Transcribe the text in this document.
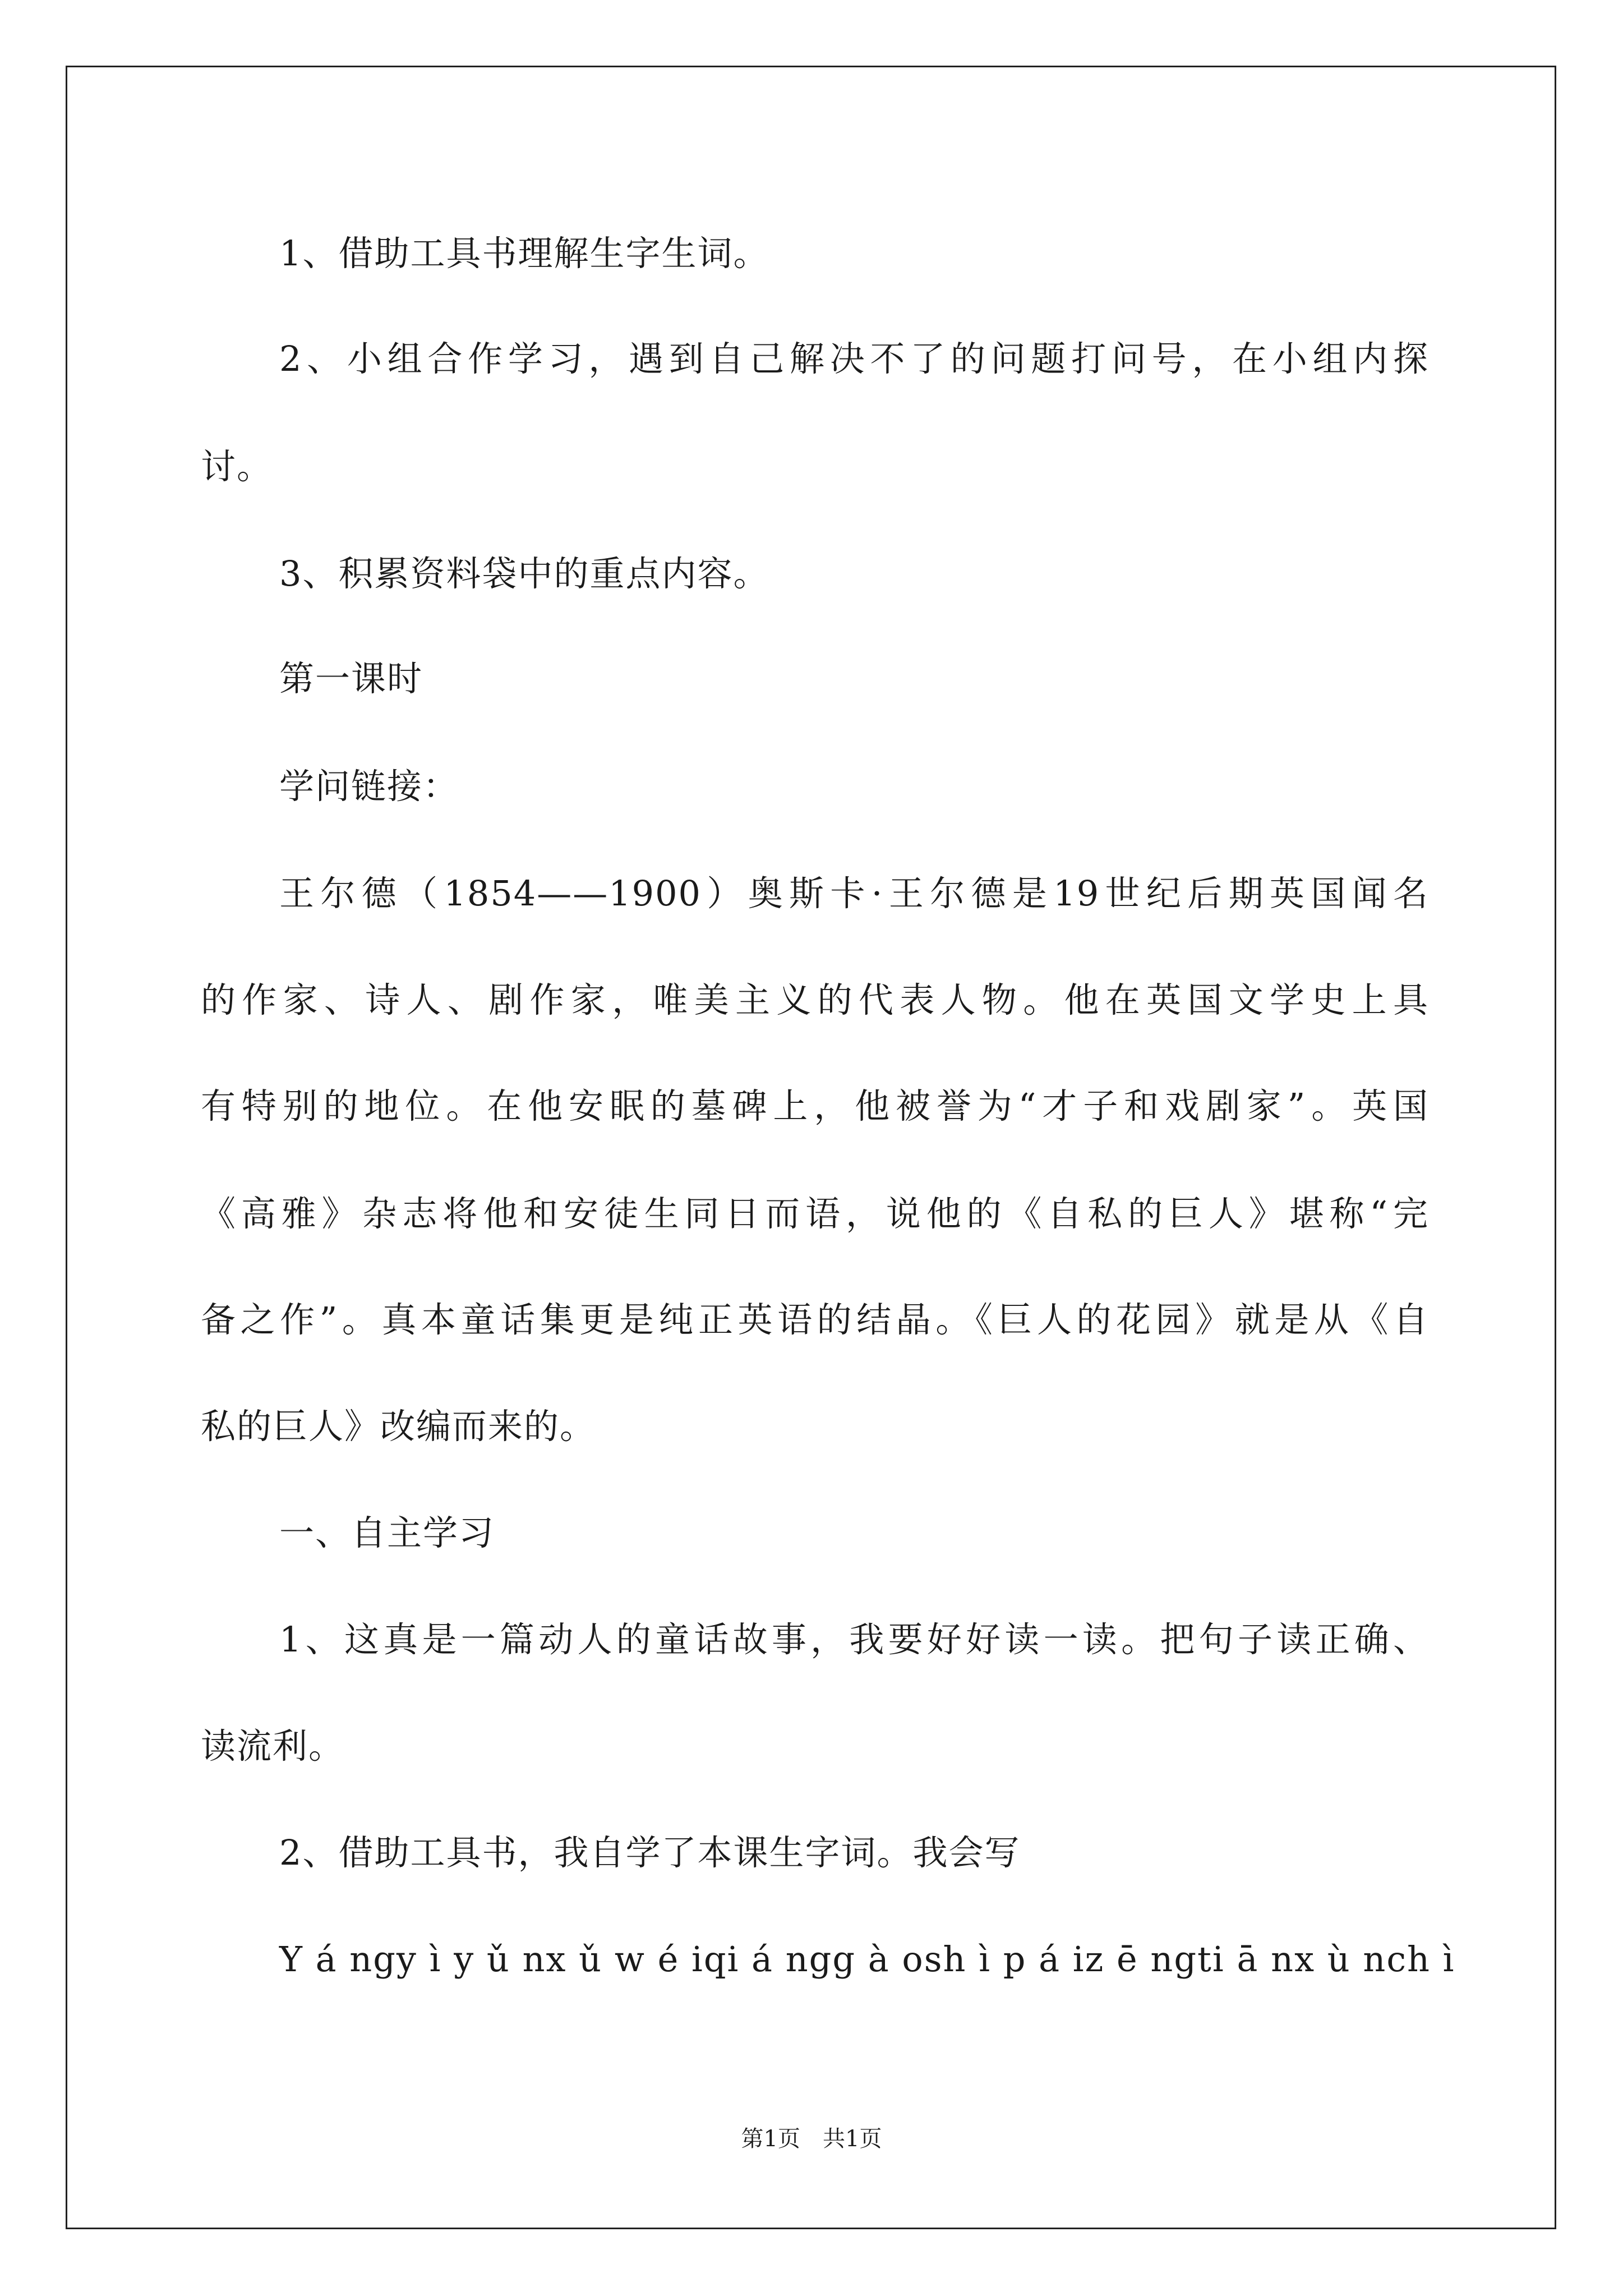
1、借助工具书理解生字生词。
2、小组合作学习，遇到自己解决不了的问题打问号，在小组内探
讨。
3、积累资料袋中的重点内容。
第一课时
学问链接：
王尔德（1854——1900）奥斯卡·王尔德是19世纪后期英国闻名
的作家、诗人、剧作家，唯美主义的代表人物。他在英国文学史上具
有特别的地位。在他安眠的墓碑上，他被誉为“才子和戏剧家”。英国
《高雅》杂志将他和安徒生同日而语，说他的《自私的巨人》堪称“完
备之作”。真本童话集更是纯正英语的结晶。《巨人的花园》就是从《自
私的巨人》改编而来的。
一、自主学习
1、这真是一篇动人的童话故事，我要好好读一读。把句子读正确、
读流利。
2、借助工具书，我自学了本课生字词。我会写
Y á ngy ì y ǔ nx ǔ w é iqi á ngg à osh ì p á iz ē ngti ā nx ù nch ì
第1页　共1页
